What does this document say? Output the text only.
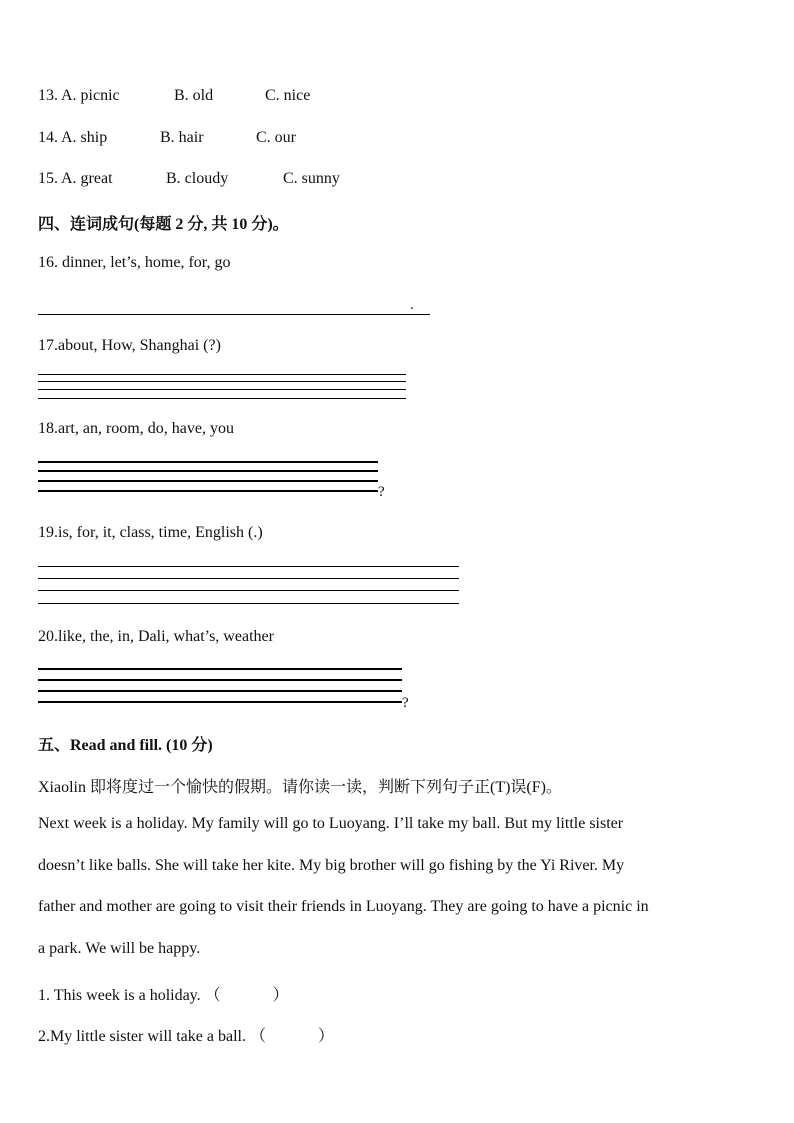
13. A. picnic	B. old	C. nice
14. A. ship	B. hair	C. our
15. A. great	B. cloudy	C. sunny
四、连词成句(每题 2 分, 共 10 分)。
16. dinner, let’s, home, for, go
.
17.about, How, Shanghai (?)
18.art, an, room, do, have, you
?
19.is, for, it, class, time, English (.)
20.like, the, in, Dali, what’s, weather
?
五、Read and fill. (10 分)
Xiaolin 即将度过一个愉快的假期。请你读一读，判断下列句子正(T)误(F)。
Next week is a holiday. My family will go to Luoyang. I’ll take my ball. But my little sister
doesn’t like balls. She will take her kite. My big brother will go fishing by the Yi River. My
father and mother are going to visit their friends in Luoyang. They are going to have a picnic in
a park. We will be happy.
1. This week is a holiday. （	）
2.My little sister will take a ball. （	）
